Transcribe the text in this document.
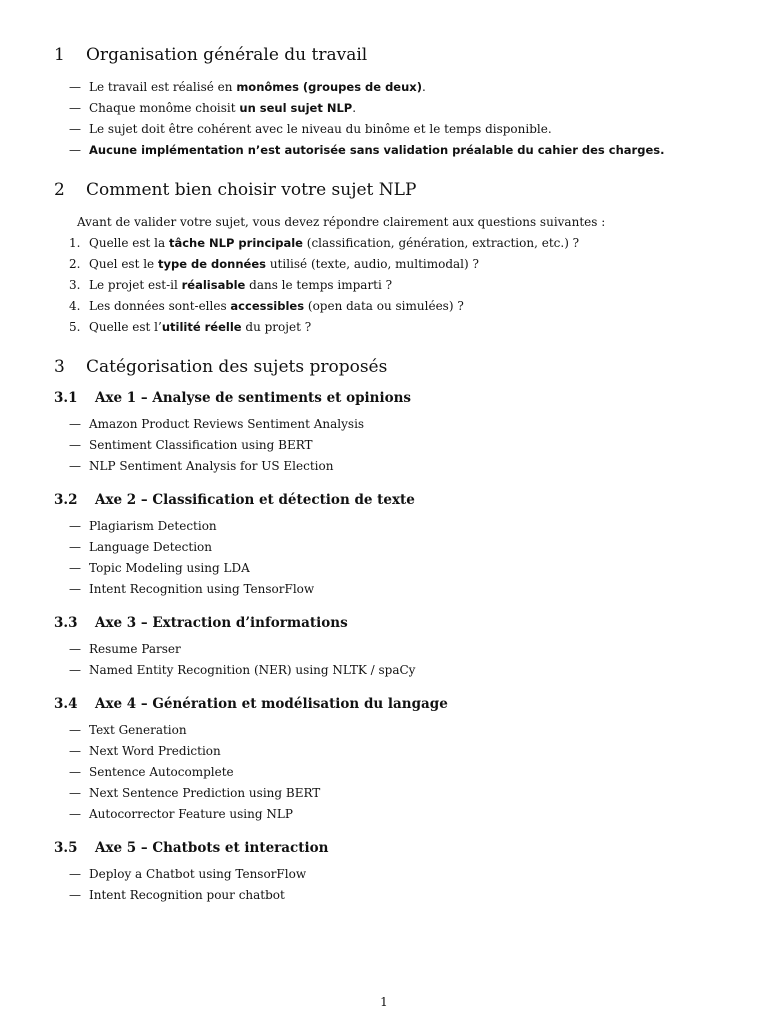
1	Organisation générale du travail
— Le travail est réalisé en monômes (groupes de deux).
— Chaque monôme choisit un seul sujet NLP.
— Le sujet doit être cohérent avec le niveau du binôme et le temps disponible.
— Aucune implémentation n’est autorisée sans validation préalable du cahier des charges.
2	Comment bien choisir votre sujet NLP

Avant de valider votre sujet, vous devez répondre clairement aux questions suivantes :

1. Quelle est la tâche NLP principale (classification, génération, extraction, etc.) ?
2. Quel est le type de données utilisé (texte, audio, multimodal) ?
3. Le projet est-il réalisable dans le temps imparti ?
4. Les données sont-elles accessibles (open data ou simulées) ?
5. Quelle est l’utilité réelle du projet ?
3	Catégorisation des sujets proposés
3.1	Axe 1 – Analyse de sentiments et opinions
— Amazon Product Reviews Sentiment Analysis
— Sentiment Classification using BERT
— NLP Sentiment Analysis for US Election
3.2	Axe 2 – Classification et détection de texte
— Plagiarism Detection
— Language Detection
— Topic Modeling using LDA
— Intent Recognition using TensorFlow
3.3	Axe 3 – Extraction d’informations
— Resume Parser
— Named Entity Recognition (NER) using NLTK / spaCy
3.4	Axe 4 – Génération et modélisation du langage
— Text Generation
— Next Word Prediction
— Sentence Autocomplete
— Next Sentence Prediction using BERT
— Autocorrector Feature using NLP
3.5	Axe 5 – Chatbots et interaction
— Deploy a Chatbot using TensorFlow
— Intent Recognition pour chatbot
1
